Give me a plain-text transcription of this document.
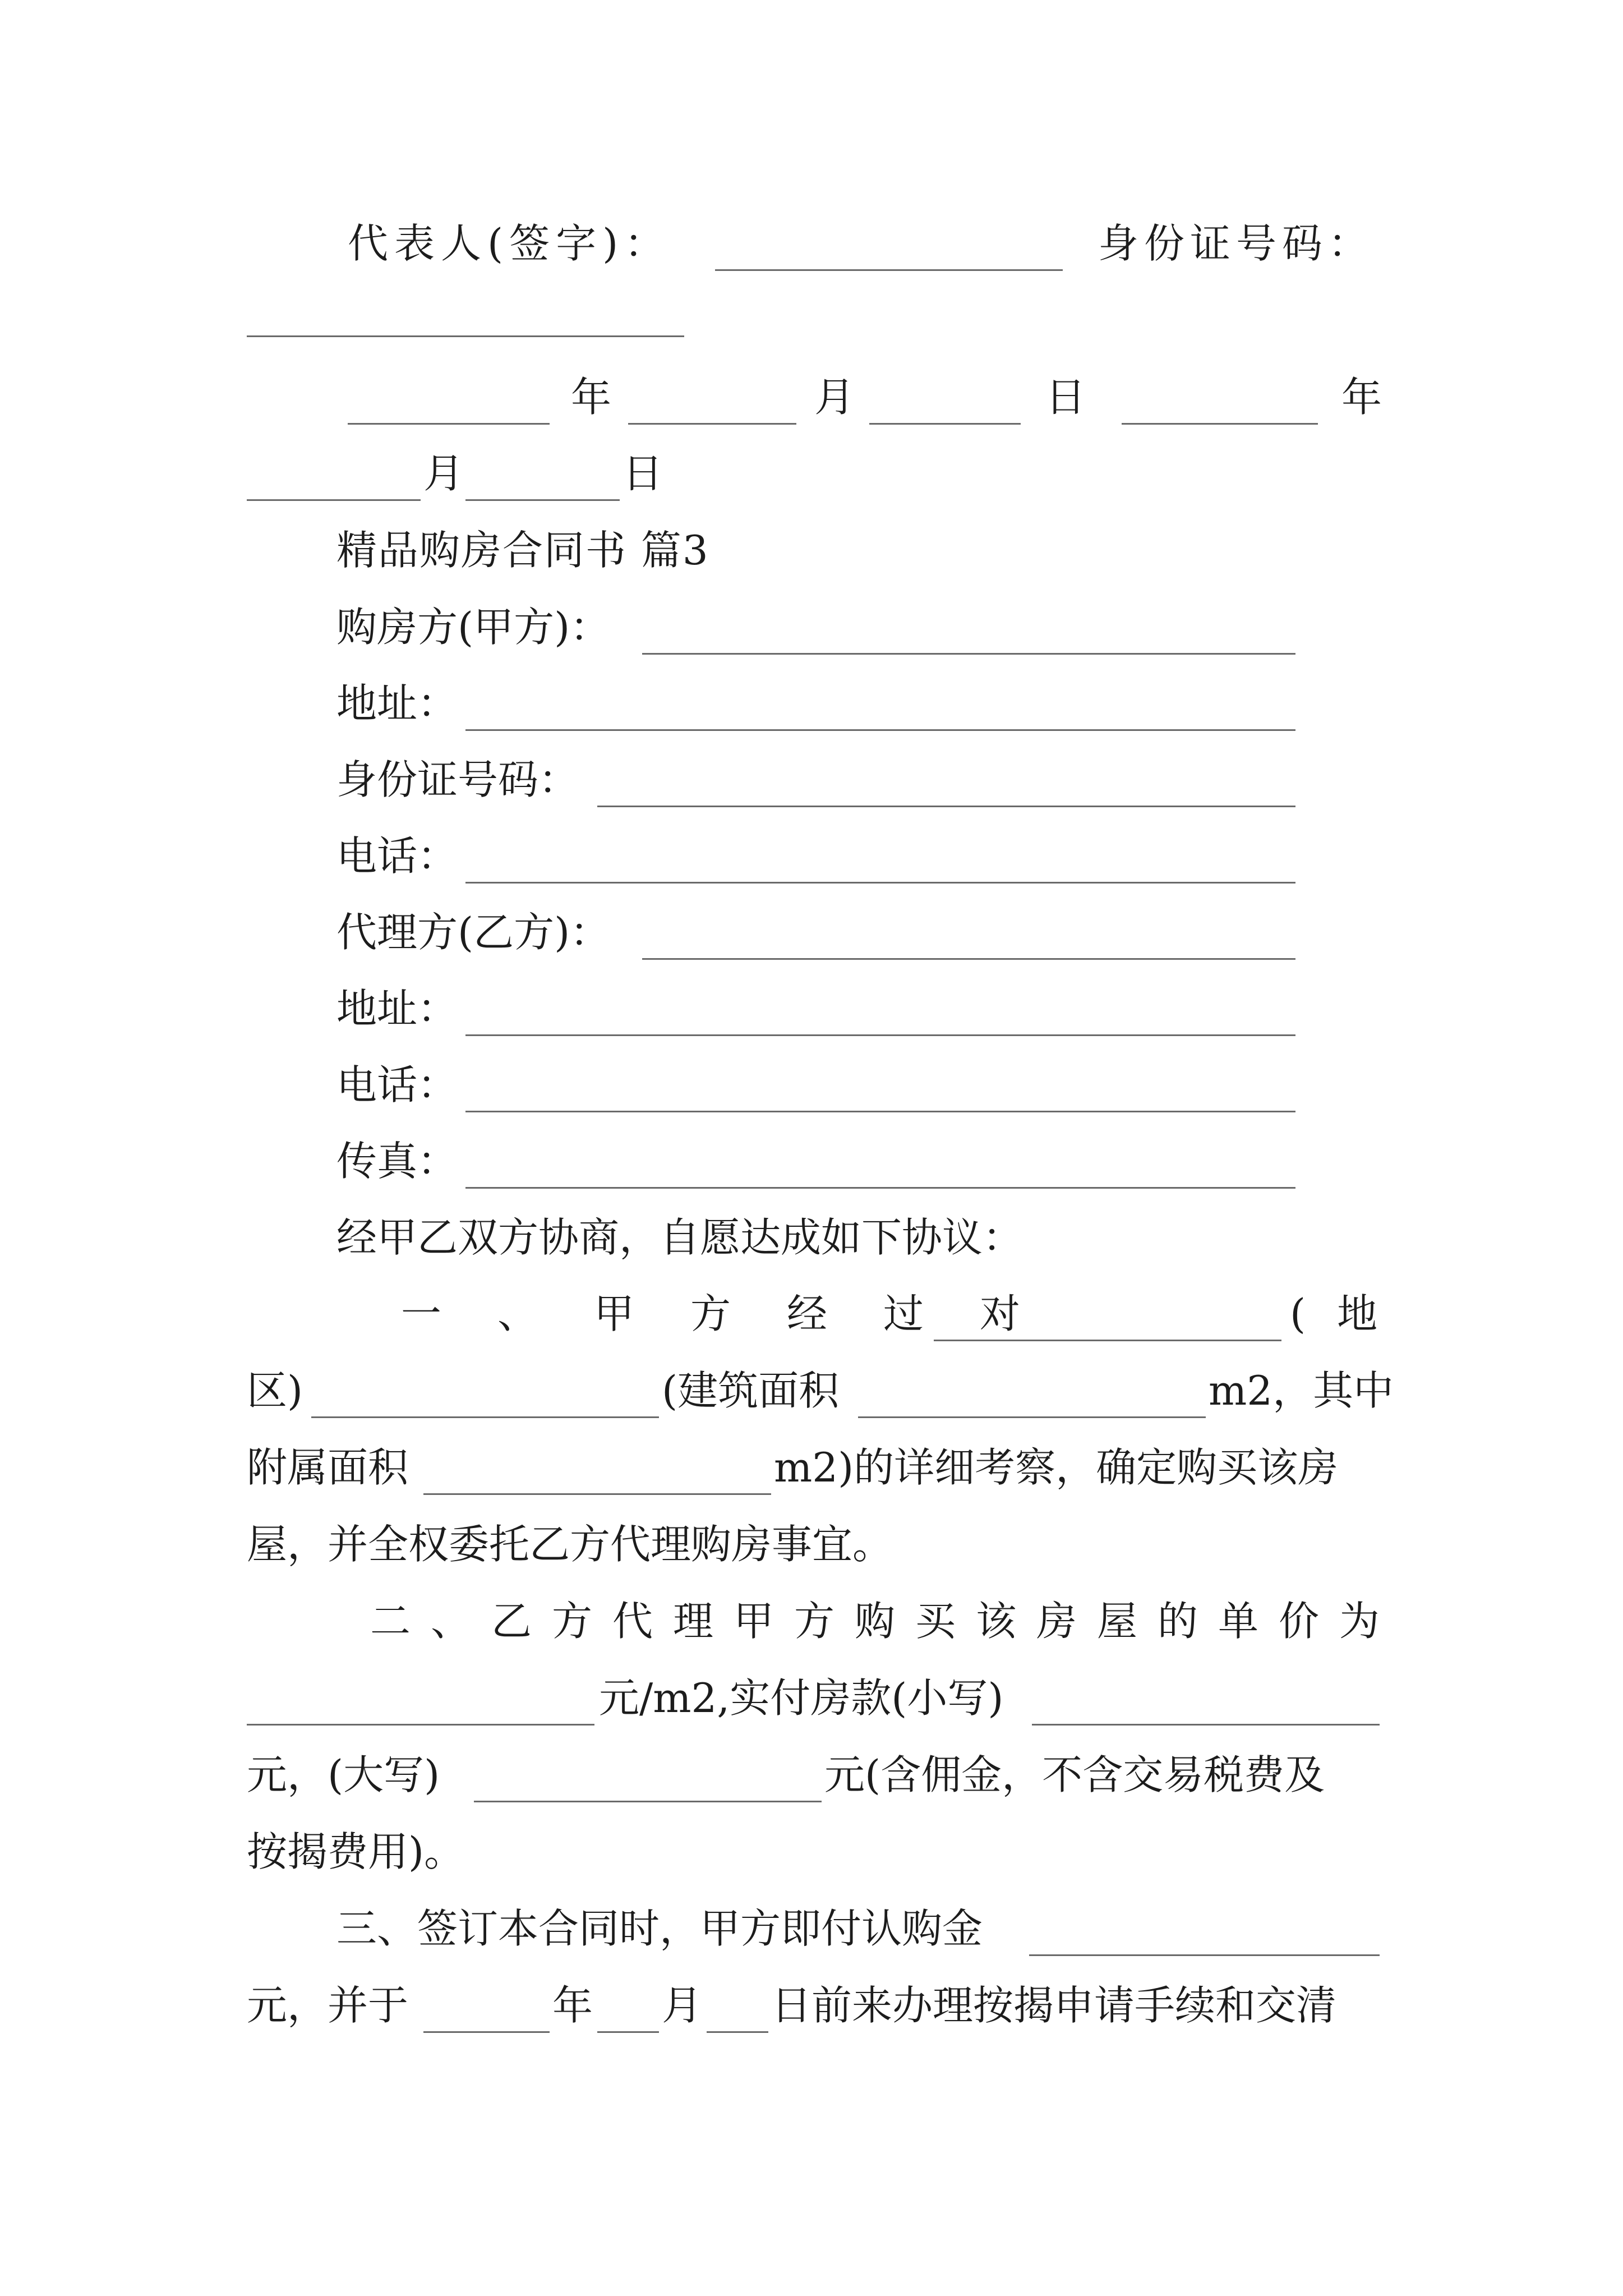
代表人(签字)：	身份证号码：
年	月	日	年
月	日
精品购房合同书 篇3
购房方(甲方)：
地址：
身份证号码：
电话：
代理方(乙方)：
地址：
电话：
传真：
经甲乙双方协商，自愿达成如下协议：
一、甲方经过对	(地
区)	(建筑面积	m2，其中
附属面积	m2)的详细考察，确定购买该房
屋，并全权委托乙方代理购房事宜。
二、乙方代理甲方购买该房屋的单价为
元/m2,实付房款(小写)
元，(大写)	元(含佣金，不含交易税费及
按揭费用)。
三、签订本合同时，甲方即付认购金
元，并于	年 月 日前来办理按揭申请手续和交清
